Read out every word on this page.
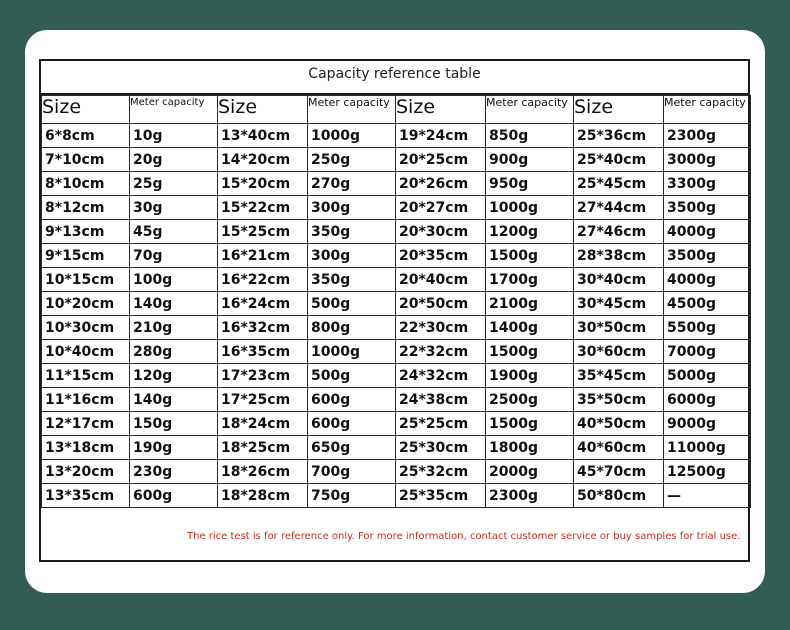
Capacity reference table
Size	Meter capacity	Size	Meter capacity	Size	Meter capacity	Size	Meter capacity
6*8cm	10g	13*40cm	1000g	19*24cm	850g	25*36cm	2300g
7*10cm	20g	14*20cm	250g	20*25cm	900g	25*40cm	3000g
8*10cm	25g	15*20cm	270g	20*26cm	950g	25*45cm	3300g
8*12cm	30g	15*22cm	300g	20*27cm	1000g	27*44cm	3500g
9*13cm	45g	15*25cm	350g	20*30cm	1200g	27*46cm	4000g
9*15cm	70g	16*21cm	300g	20*35cm	1500g	28*38cm	3500g
10*15cm	100g	16*22cm	350g	20*40cm	1700g	30*40cm	4000g
10*20cm	140g	16*24cm	500g	20*50cm	2100g	30*45cm	4500g
10*30cm	210g	16*32cm	800g	22*30cm	1400g	30*50cm	5500g
10*40cm	280g	16*35cm	1000g	22*32cm	1500g	30*60cm	7000g
11*15cm	120g	17*23cm	500g	24*32cm	1900g	35*45cm	5000g
11*16cm	140g	17*25cm	600g	24*38cm	2500g	35*50cm	6000g
12*17cm	150g	18*24cm	600g	25*25cm	1500g	40*50cm	9000g
13*18cm	190g	18*25cm	650g	25*30cm	1800g	40*60cm	11000g
13*20cm	230g	18*26cm	700g	25*32cm	2000g	45*70cm	12500g
13*35cm	600g	18*28cm	750g	25*35cm	2300g	50*80cm	—
The rice test is for reference only. For more information, contact customer service or buy samples for trial use.
